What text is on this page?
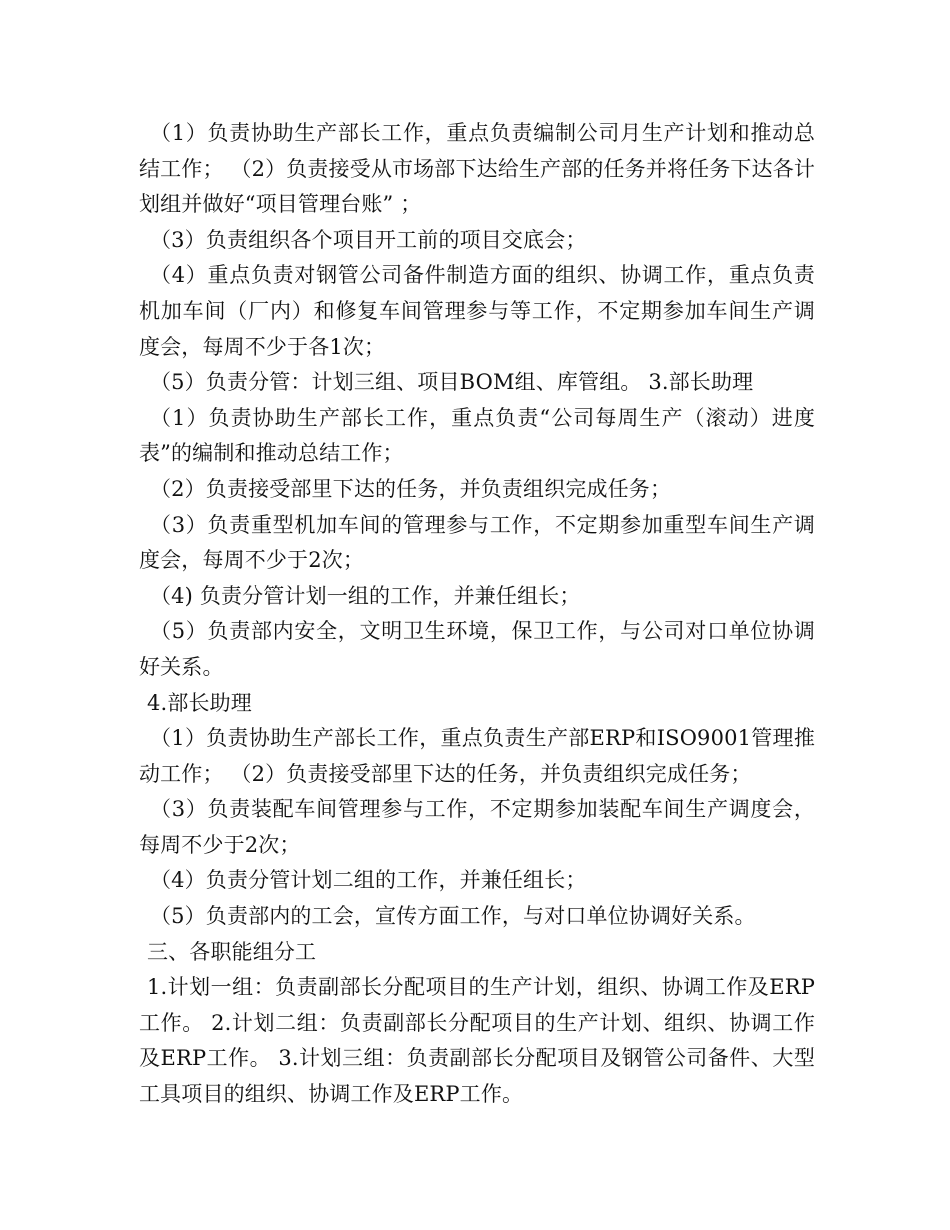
（1）负责协助生产部长工作，重点负责编制公司月生产计划和推动总结工作； （2）负责接受从市场部下达给生产部的任务并将任务下达各计划组并做好“项目管理台账” ；

（3）负责组织各个项目开工前的项目交底会；

（4）重点负责对钢管公司备件制造方面的组织、协调工作，重点负责机加车间（厂内）和修复车间管理参与等工作，不定期参加车间生产调度会，每周不少于各1次；

（5）负责分管：计划三组、项目BOM组、库管组。 3.部长助理

（1）负责协助生产部长工作，重点负责“公司每周生产（滚动）进度表”的编制和推动总结工作；

（2）负责接受部里下达的任务，并负责组织完成任务；

（3）负责重型机加车间的管理参与工作，不定期参加重型车间生产调度会，每周不少于2次；

（4) 负责分管计划一组的工作，并兼任组长；

（5）负责部内安全，文明卫生环境，保卫工作，与公司对口单位协调好关系。

4.部长助理

（1）负责协助生产部长工作，重点负责生产部ERP和ISO9001管理推动工作； （2）负责接受部里下达的任务，并负责组织完成任务；

（3）负责装配车间管理参与工作，不定期参加装配车间生产调度会，每周不少于2次；

（4）负责分管计划二组的工作，并兼任组长；

（5）负责部内的工会，宣传方面工作，与对口单位协调好关系。

三、各职能组分工

1.计划一组：负责副部长分配项目的生产计划，组织、协调工作及ERP工作。 2.计划二组：负责副部长分配项目的生产计划、组织、协调工作及ERP工作。 3.计划三组：负责副部长分配项目及钢管公司备件、大型工具项目的组织、协调工作及ERP工作。
